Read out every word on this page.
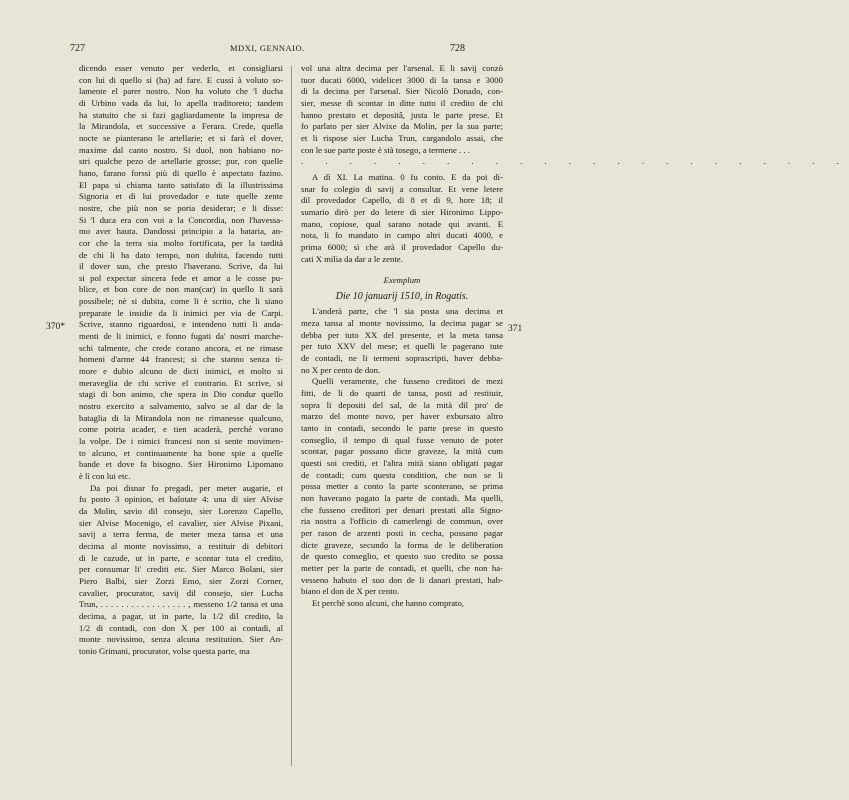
727	MDXI, GENNAIO.	728
370*	371

dicendo esser venuto per vederlo, et consigliarsi
con lui di quello si (ha) ad fare. E cussì à voluto so-
lamente el parer nostro. Non ha voluto che 'l ducha
di Urbino vada da lui, lo apella traditoreto; tandem
ha statuito che si fazi gagliardamente la impresa de
la Mirandola, et successive a Ferara. Crede, quella
nocte se pianterano le artellarie; et si farà el dover,
maxime dal canto nostro. Si duol, non habiano no-
stri qualche pezo de artellarie grosse; pur, con quelle
hano, farano forssi più di quello è aspectato fazino.
El papa si chiama tanto satisfato di la illustrissima
Signoria et di lui provedador e tute quelle zente
nostre, che più non se poria desiderar; e li disse:
Si 'l duca era con voi a la Concordia, non l'havessa-
mo aver hauta. Dandossi principio a la bataria, an-
cor che la terra sia molto fortificata, per la tardità
de chi li ha dato tempo, non dubita, facendo tutti
il dover suo, che presto l'haverano. Scrive, da lui
si pol expectar sincera fede et amor a le cosse pu-
blice, et bon core de non man(car) in quello li sarà
possibele; nè si dubita, come li è scrito, che li siano
preparate le insidie da li inimici per via de Carpi.
Scrive, stanno riguardosi, e intendeno tutti li anda-
menti de li inimici, e fonno fugati da' nostri marche-
schi talmente, che crede corano ancora, et ne rimase
homeni d'arme 44 francesi; si che stanno senza ti-
more e dubio alcuno de dicti inimici, et molto si
meraveglia de chi scrive el contrario. Et scrive, si
stagi di bon animo, che spera in Dio condur quello
nostro exercito a salvamento, salvo se al dar de la
bataglia di la Mirandola non ne rimanesse qualcuno,
come potria acader, e tien acaderà, perchè vorano
la volpe. De i nimici francesi non si sente movimen-
to alcuno, et continuamente ha bone spie a quelle
bande et dove fa bisogno. Sier Hironimo Lipomano
è lì con lui etc.

Da poi disnar fo pregadi, per meter augarie, et
fu posto 3 opinion, et balotate 4: una di sier Alvise
da Molin, savio dil consejo, sier Lorenzo Capello,
sier Alvise Mocenigo, el cavalier, sier Alvise Pixani,
savij a terra ferma, de meter meza tansa et una
decima al monte novissimo, a restituir di debitori
di le cazude, ut in parte, e scontar tuta el credito,
per consumar li' crediti etc. Sier Marco Bolani, sier
Piero Balbi, sier Zorzi Emo, sier Zorzi Corner,
cavalier, procurator, savij dil consejo, sier Lucha
Trun, . . . . . . . . . . . . . . . . . , messeno 1/2 tansa et una
decima, a pagar, ut in parte, la 1/2 dil credito, la
1/2 di contadi, con don X per 100 ai contadi, al
monte novissimo, senza alcuna restitution. Sier An-
tonio Grimani, procurator, volse questa parte, ma

vol una altra decima per l'arsenal. E li savij conzò
tuor ducati 6000, videlicet 3000 di la tansa e 3000
di la decima per l'arsenal. Sier Nicolò Donado, con-
sier, messe di scontar in ditte tutto il credito de chi
hanno prestato et depositâ, justa le parte prese. Et
fo parlato per sier Alvixe da Molin, per la sua parte;
et li rispose sier Lucha Trun, cargandolo assai, che
con le sue parte poste è stà tosego, a termene . . .

. . . . . . . . . . . . . . . . . . . . . . .

A dì XI. La matina. 0 fu conto. E da poi di-
snar fo colegio di savij a consultar. Et vene letere
dil provedador Capello, di 8 et di 9, hore 18; il
sumario dirò per do letere di sier Hironimo Lippo-
mano, copiose, qual sarano notade qui avanti. E
nota, li fo mandato in campo altri ducati 4000, e
prima 6000; sì che arà il provedador Capello du-
cati X milia da dar a le zente.

Exemplum
Die 10 januarij 1510, in Rogatis.

L'anderà parte, che 'l sia posta una decima et
meza tansa al monte novissimo, la decima pagar se
debba per tuto XX del presente, et la meta tansa
per tuto XXV del mese; et quelli le pagerano tute
de contadi, ne li termeni soprascripti, haver debba-
no X per cento de don.
Quelli veramente, che fusseno creditori de mezi
fitti, de li do quarti de tansa, posti ad restituir,
sopra li depositi del sal, de la mità dil pro' de
marzo del monte novo, per haver exbursato altro
tanto in contadi, secondo le parte prese in questo
conseglio, il tempo di qual fusse venuto de poter
scontar, pagar possano dicte graveze, la mità cum
questi soi crediti, et l'altra mità siano obligati pagar
de contadi; cum questa condition, che non se li
possa metter a conto la parte sconterano, se prima
non haverano pagato la parte de contadi. Ma quelli,
che fusseno creditori per denari prestati alla Signo-
ria nostra a l'officio di camerlengi de commun, over
per rason de arzenti posti in cecha, possano pagar
dicte graveze, secundo la forma de le deliberation
de questo conseglio, et questo suo credito se possa
metter per la parte de contadi, et quelli, che non ha-
vesseno habuto el suo don de li danari prestati, hab-
biano el don de X per cento.
Et perchè sono alcuni, che hanno comprato,
